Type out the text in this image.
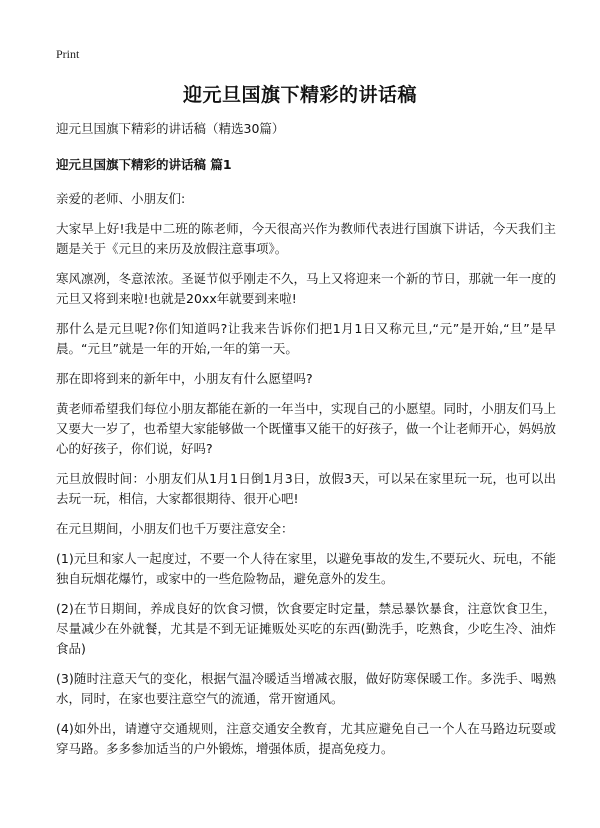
Print
迎元旦国旗下精彩的讲话稿

迎元旦国旗下精彩的讲话稿（精选30篇）

迎元旦国旗下精彩的讲话稿 篇1

亲爱的老师、小朋友们:

大家早上好!我是中二班的陈老师，今天很高兴作为教师代表进行国旗下讲话，今天我们主题是关于《元旦的来历及放假注意事项》。

寒风凛冽，冬意浓浓。圣诞节似乎刚走不久，马上又将迎来一个新的节日，那就一年一度的元旦又将到来啦!也就是20xx年就要到来啦!

那什么是元旦呢?你们知道吗?让我来告诉你们把1月1日又称元旦,“元”是开始,“旦”是早晨。“元旦”就是一年的开始,一年的第一天。

那在即将到来的新年中，小朋友有什么愿望吗?

黄老师希望我们每位小朋友都能在新的一年当中，实现自己的小愿望。同时，小朋友们马上又要大一岁了，也希望大家能够做一个既懂事又能干的好孩子，做一个让老师开心，妈妈放心的好孩子，你们说，好吗?

元旦放假时间：小朋友们从1月1日倒1月3日，放假3天，可以呆在家里玩一玩，也可以出去玩一玩，相信，大家都很期待、很开心吧!

在元旦期间，小朋友们也千万要注意安全：

(1)元旦和家人一起度过，不要一个人待在家里，以避免事故的发生,不要玩火、玩电，不能独自玩烟花爆竹，或家中的一些危险物品，避免意外的发生。

(2)在节日期间，养成良好的饮食习惯，饮食要定时定量，禁忌暴饮暴食，注意饮食卫生，尽量减少在外就餐，尤其是不到无证摊贩处买吃的东西(勤洗手，吃熟食，少吃生冷、油炸食品)

(3)随时注意天气的变化，根据气温冷暖适当增减衣服，做好防寒保暖工作。多洗手、喝熟水，同时，在家也要注意空气的流通，常开窗通风。

(4)如外出，请遵守交通规则，注意交通安全教育，尤其应避免自己一个人在马路边玩耍或穿马路。多多参加适当的户外锻炼，增强体质，提高免疫力。
